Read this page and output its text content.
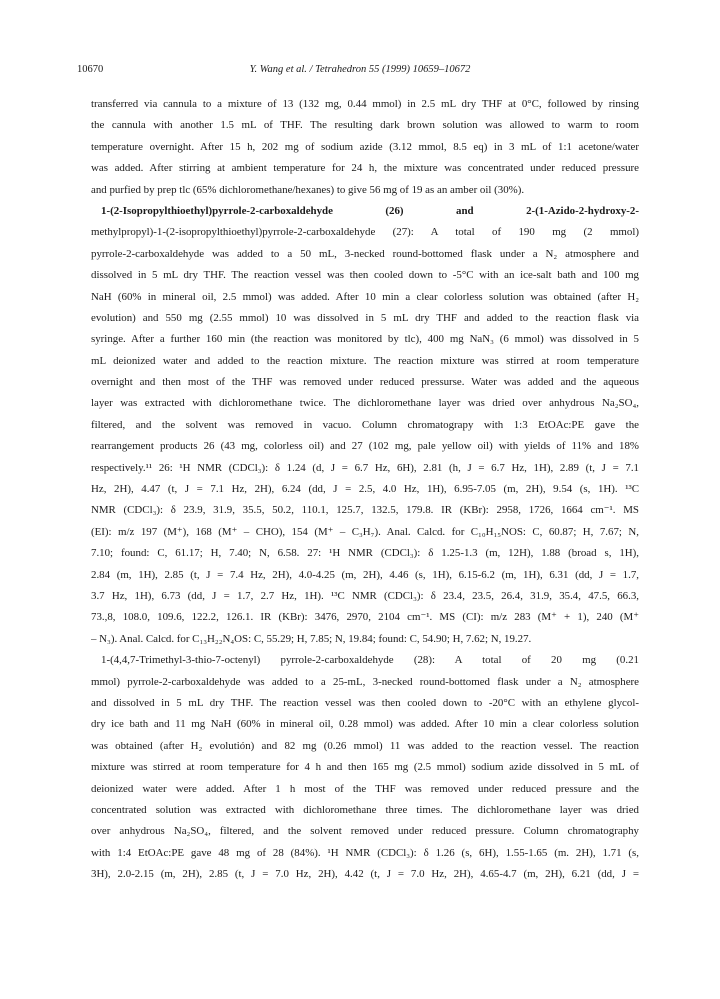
10670	Y. Wang et al. / Tetrahedron 55 (1999) 10659–10672
transferred via cannula to a mixture of 13 (132 mg, 0.44 mmol) in 2.5 mL dry THF at 0°C, followed by rinsing
the cannula with another 1.5 mL of THF. The resulting dark brown solution was allowed to warm to room
temperature overnight. After 15 h, 202 mg of sodium azide (3.12 mmol, 8.5 eq) in 3 mL of 1:1 acetone/water
was added. After stirring at ambient temperature for 24 h, the mixture was concentrated under reduced pressure
and purfied by prep tlc (65% dichloromethane/hexanes) to give 56 mg of 19 as an amber oil (30%).
1-(2-Isopropylthioethyl)pyrrole-2-carboxaldehyde (26) and 2-(1-Azido-2-hydroxy-2-
methylpropyl)-1-(2-isopropylthioethyl)pyrrole-2-carboxaldehyde (27): A total of 190 mg (2 mmol)
pyrrole-2-carboxaldehyde was added to a 50 mL, 3-necked round-bottomed flask under a N₂ atmosphere and
dissolved in 5 mL dry THF. The reaction vessel was then cooled down to -5°C with an ice-salt bath and 100 mg
NaH (60% in mineral oil, 2.5 mmol) was added. After 10 min a clear colorless solution was obtained (after H₂
evolution) and 550 mg (2.55 mmol) 10 was dissolved in 5 mL dry THF and added to the reaction flask via
syringe. After a further 160 min (the reaction was monitored by tlc), 400 mg NaN₃ (6 mmol) was dissolved in 5
mL deionized water and added to the reaction mixture. The reaction mixture was stirred at room temperature
overnight and then most of the THF was removed under reduced pressurse. Water was added and the aqueous
layer was extracted with dichloromethane twice. The dichloromethane layer was dried over anhydrous Na₂SO₄,
filtered, and the solvent was removed in vacuo. Column chromatograpy with 1:3 EtOAc:PE gave the
rearrangement products 26 (43 mg, colorless oil) and 27 (102 mg, pale yellow oil) with yields of 11% and 18%
respectively.¹¹ 26: ¹H NMR (CDCl₃): δ 1.24 (d, J = 6.7 Hz, 6H), 2.81 (h, J = 6.7 Hz, 1H), 2.89 (t, J = 7.1
Hz, 2H), 4.47 (t, J = 7.1 Hz, 2H), 6.24 (dd, J = 2.5, 4.0 Hz, 1H), 6.95-7.05 (m, 2H), 9.54 (s, 1H). ¹³C
NMR (CDCl₃): δ 23.9, 31.9, 35.5, 50.2, 110.1, 125.7, 132.5, 179.8. IR (KBr): 2958, 1726, 1664 cm⁻¹. MS
(EI): m/z 197 (M⁺), 168 (M⁺ – CHO), 154 (M⁺ – C₃H₇). Anal. Calcd. for C₁₀H₁₅NOS: C, 60.87; H, 7.67; N,
7.10; found: C, 61.17; H, 7.40; N, 6.58. 27: ¹H NMR (CDCl₃): δ 1.25-1.3 (m, 12H), 1.88 (broad s, 1H),
2.84 (m, 1H), 2.85 (t, J = 7.4 Hz, 2H), 4.0-4.25 (m, 2H), 4.46 (s, 1H), 6.15-6.2 (m, 1H), 6.31 (dd, J = 1.7,
3.7 Hz, 1H), 6.73 (dd, J = 1.7, 2.7 Hz, 1H). ¹³C NMR (CDCl₃): δ 23.4, 23.5, 26.4, 31.9, 35.4, 47.5, 66.3,
73.,8, 108.0, 109.6, 122.2, 126.1. IR (KBr): 3476, 2970, 2104 cm⁻¹. MS (CI): m/z 283 (M⁺ + 1), 240 (M⁺
– N₃). Anal. Calcd. for C₁₃H₂₂N₄OS: C, 55.29; H, 7.85; N, 19.84; found: C, 54.90; H, 7.62; N, 19.27.
1-(4,4,7-Trimethyl-3-thio-7-octenyl) pyrrole-2-carboxaldehyde (28): A total of 20 mg (0.21
mmol) pyrrole-2-carboxaldehyde was added to a 25-mL, 3-necked round-bottomed flask under a N₂ atmosphere
and dissolved in 5 mL dry THF. The reaction vessel was then cooled down to -20°C with an ethylene glycol-
dry ice bath and 11 mg NaH (60% in mineral oil, 0.28 mmol) was added. After 10 min a clear colorless solution
was obtained (after H₂ evolutión) and 82 mg (0.26 mmol) 11 was added to the reaction vessel. The reaction
mixture was stirred at room temperature for 4 h and then 165 mg (2.5 mmol) sodium azide dissolved in 5 mL of
deionized water were added. After 1 h most of the THF was removed under reduced pressure and the
concentrated solution was extracted with dichloromethane three times. The dichloromethane layer was dried
over anhydrous Na₂SO₄, filtered, and the solvent removed under reduced pressure. Column chromatography
with 1:4 EtOAc:PE gave 48 mg of 28 (84%). ¹H NMR (CDCl₃): δ 1.26 (s, 6H), 1.55-1.65 (m. 2H), 1.71 (s,
3H), 2.0-2.15 (m, 2H), 2.85 (t, J = 7.0 Hz, 2H), 4.42 (t, J = 7.0 Hz, 2H), 4.65-4.7 (m, 2H), 6.21 (dd, J =
